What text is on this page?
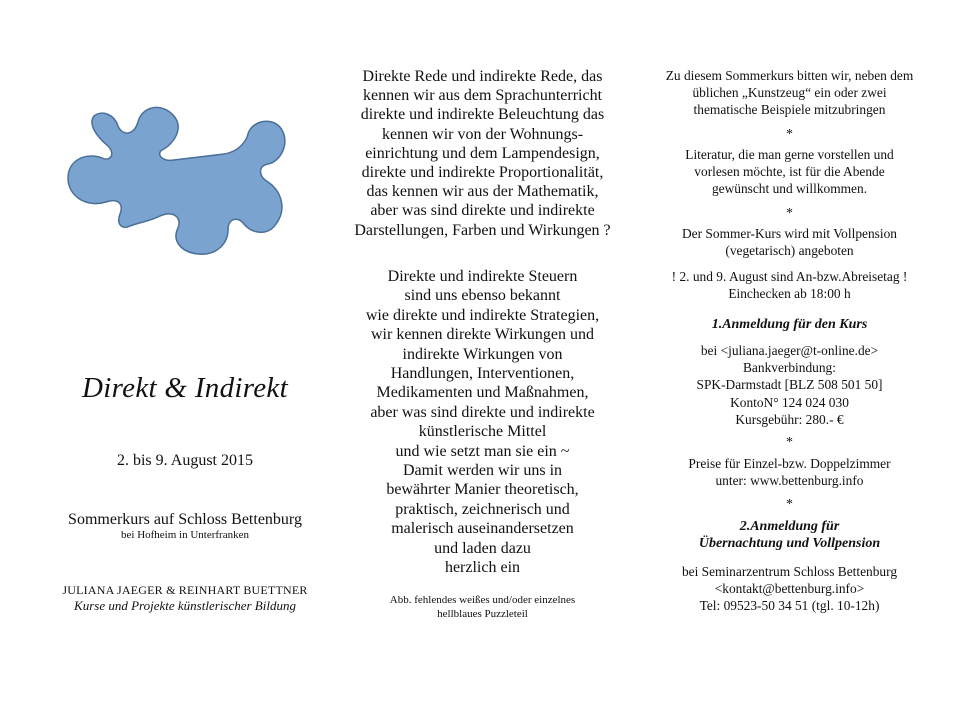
Direkt & Indirekt
2. bis 9. August 2015
Sommerkurs auf Schloss Bettenburg
bei Hofheim in Unterfranken
JULIANA JAEGER & REINHART BUETTNER
Kurse und Projekte künstlerischer Bildung
Direkte Rede und indirekte Rede, das
kennen wir aus dem Sprachunterricht
direkte und indirekte Beleuchtung das
kennen wir von der Wohnungs-
einrichtung und dem Lampendesign,
direkte und indirekte Proportionalität,
das kennen wir aus der Mathematik,
aber was sind direkte und indirekte
Darstellungen, Farben und Wirkungen ?
Direkte und indirekte Steuern
sind uns ebenso bekannt
wie direkte und indirekte Strategien,
wir kennen direkte Wirkungen und
indirekte Wirkungen von
Handlungen, Interventionen,
Medikamenten und Maßnahmen,
aber was sind direkte und indirekte
künstlerische Mittel
und wie setzt man sie ein ~
Damit werden wir uns in
bewährter Manier theoretisch,
praktisch, zeichnerisch und
malerisch auseinandersetzen
und laden dazu
herzlich ein
Abb. fehlendes weißes und/oder einzelnes
hellblaues Puzzleteil
Zu diesem Sommerkurs bitten wir, neben dem
üblichen „Kunstzeug“ ein oder zwei
thematische Beispiele mitzubringen
*
Literatur, die man gerne vorstellen und
vorlesen möchte, ist für die Abende
gewünscht und willkommen.
*
Der Sommer-Kurs wird mit Vollpension
(vegetarisch) angeboten
! 2. und 9. August sind An-bzw.Abreisetag !
Einchecken ab 18:00 h
1.Anmeldung für den Kurs
bei <juliana.jaeger@t-online.de>
Bankverbindung:
SPK-Darmstadt [BLZ 508 501 50]
KontoN° 124 024 030
Kursgebühr: 280.- €
*
Preise für Einzel-bzw. Doppelzimmer
unter: www.bettenburg.info
*
2.Anmeldung für
Übernachtung und Vollpension
bei Seminarzentrum Schloss Bettenburg
<kontakt@bettenburg.info>
Tel: 09523-50 34 51 (tgl. 10-12h)
